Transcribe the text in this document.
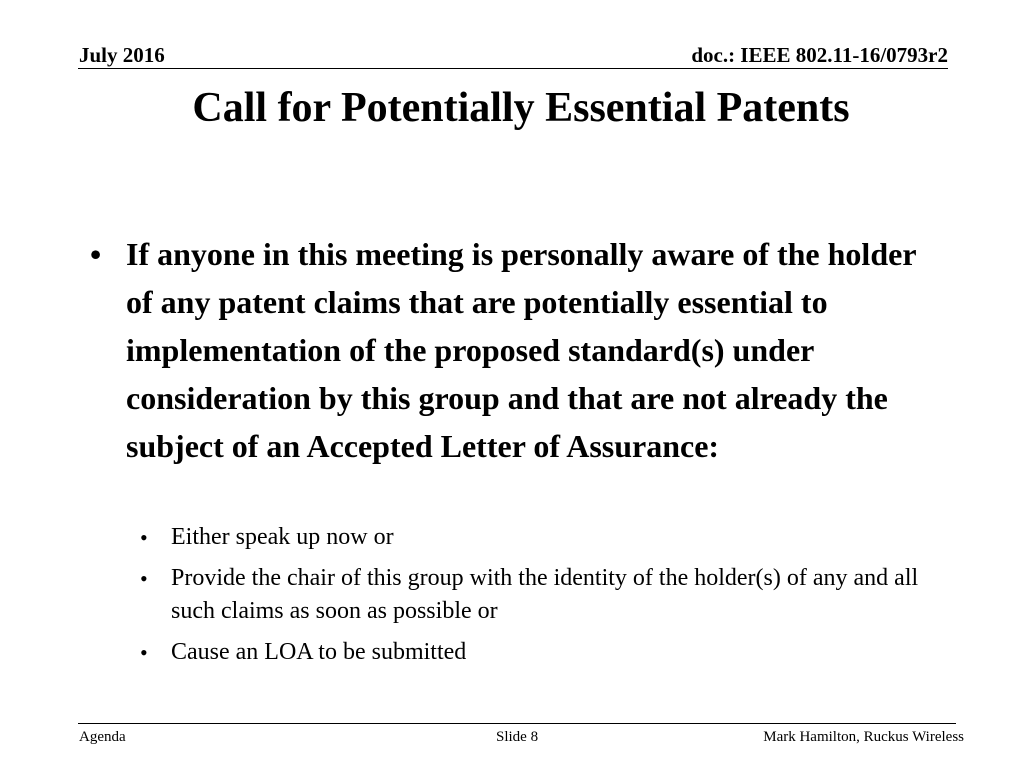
July 2016	doc.: IEEE 802.11-16/0793r2
Call for Potentially Essential Patents
• If anyone in this meeting is personally aware of the holder of any patent claims that are potentially essential to implementation of the proposed standard(s) under consideration by this group and that are not already the subject of an Accepted Letter of Assurance:
• Either speak up now or
• Provide the chair of this group with the identity of the holder(s) of any and all such claims as soon as possible or
• Cause an LOA to be submitted
Agenda	Slide 8	Mark Hamilton, Ruckus Wireless
